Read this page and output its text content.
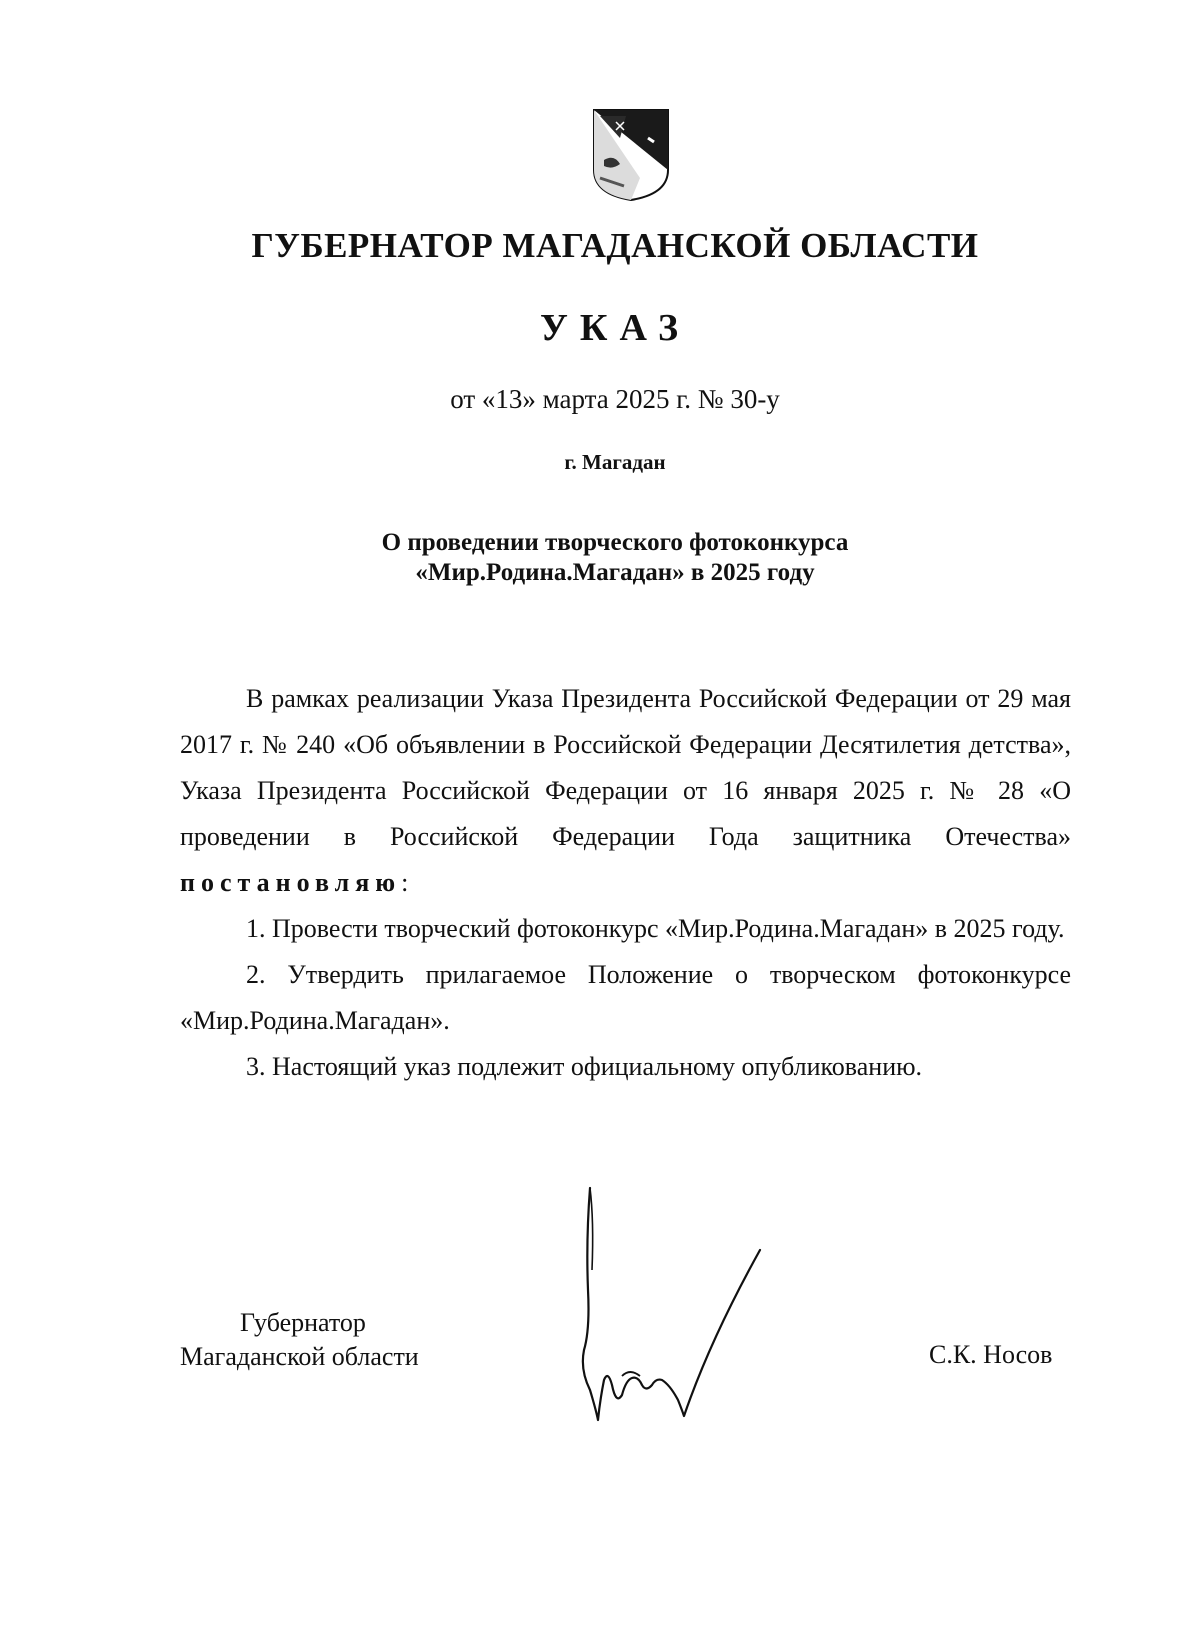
ГУБЕРНАТОР МАГАДАНСКОЙ ОБЛАСТИ
УКАЗ
от «13» марта 2025 г. № 30-у
г. Магадан
О проведении творческого фотоконкурса
«Мир.Родина.Магадан» в 2025 году

В рамках реализации Указа Президента Российской Федерации от 29 мая 2017 г. № 240 «Об объявлении в Российской Федерации Десятилетия детства», Указа Президента Российской Федерации от 16 января 2025 г. № 28 «О проведении в Российской Федерации Года защитника Отечества» постановляю:

1. Провести творческий фотоконкурс «Мир.Родина.Магадан» в 2025 году.

2. Утвердить прилагаемое Положение о творческом фотоконкурсе «Мир.Родина.Магадан».

3. Настоящий указ подлежит официальному опубликованию.

Губернатор
Магаданской области	С.К. Носов
